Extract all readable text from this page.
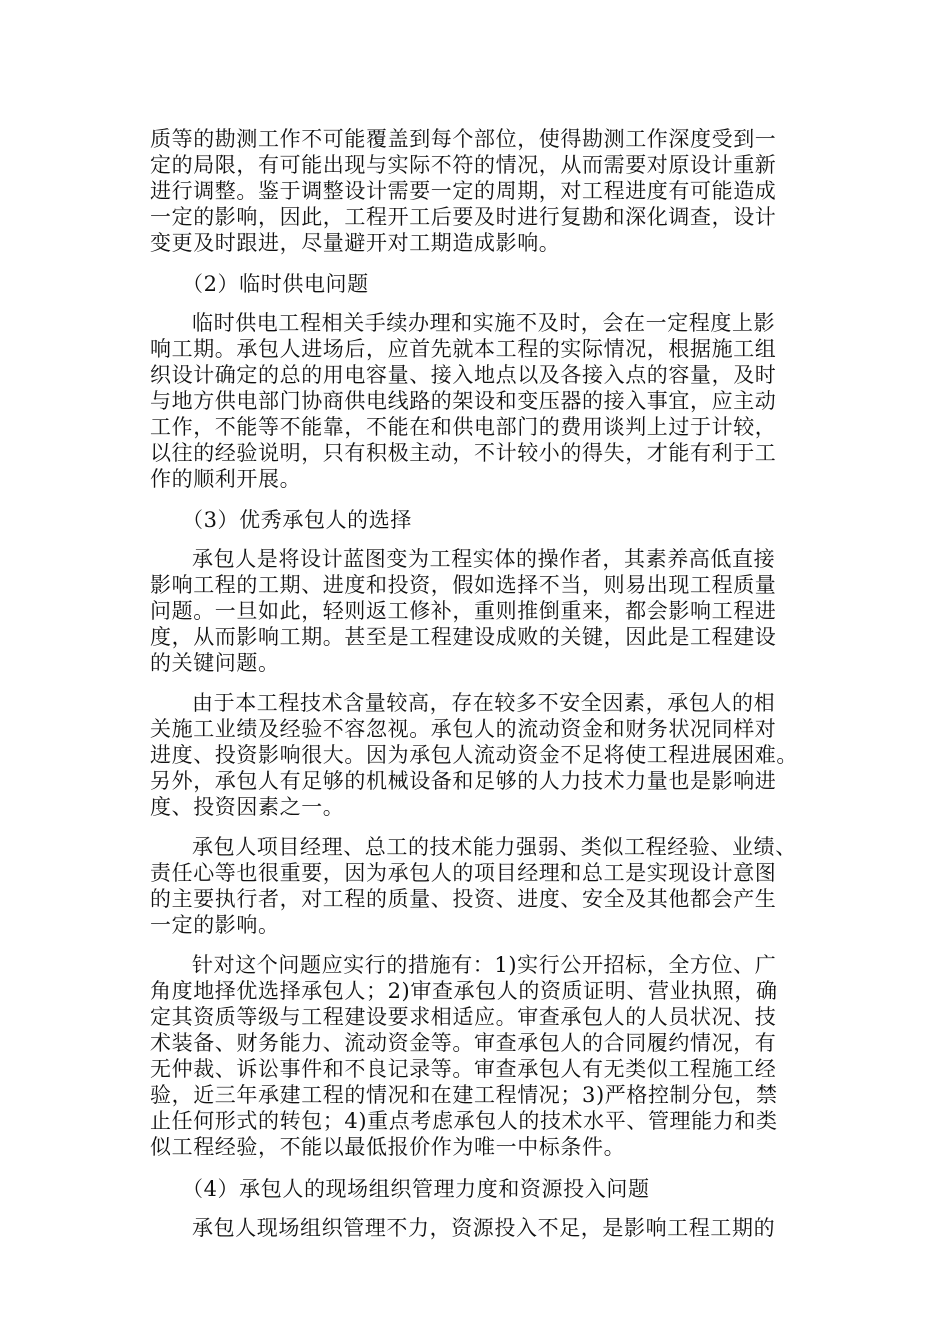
质等的勘测工作不可能覆盖到每个部位，使得勘测工作深度受到一
定的局限，有可能出现与实际不符的情况，从而需要对原设计重新
进行调整。鉴于调整设计需要一定的周期，对工程进度有可能造成
一定的影响，因此，工程开工后要及时进行复勘和深化调查，设计
变更及时跟进，尽量避开对工期造成影响。
（2）临时供电问题
临时供电工程相关手续办理和实施不及时，会在一定程度上影
响工期。承包人进场后，应首先就本工程的实际情况，根据施工组
织设计确定的总的用电容量、接入地点以及各接入点的容量，及时
与地方供电部门协商供电线路的架设和变压器的接入事宜，应主动
工作，不能等不能靠，不能在和供电部门的费用谈判上过于计较，
以往的经验说明，只有积极主动，不计较小的得失，才能有利于工
作的顺利开展。
（3）优秀承包人的选择
承包人是将设计蓝图变为工程实体的操作者，其素养高低直接
影响工程的工期、进度和投资，假如选择不当，则易出现工程质量
问题。一旦如此，轻则返工修补，重则推倒重来，都会影响工程进
度，从而影响工期。甚至是工程建设成败的关键，因此是工程建设
的关键问题。
由于本工程技术含量较高，存在较多不安全因素，承包人的相
关施工业绩及经验不容忽视。承包人的流动资金和财务状况同样对
进度、投资影响很大。因为承包人流动资金不足将使工程进展困难。
另外，承包人有足够的机械设备和足够的人力技术力量也是影响进
度、投资因素之一。
承包人项目经理、总工的技术能力强弱、类似工程经验、业绩、
责任心等也很重要，因为承包人的项目经理和总工是实现设计意图
的主要执行者，对工程的质量、投资、进度、安全及其他都会产生
一定的影响。
针对这个问题应实行的措施有：1)实行公开招标，全方位、广
角度地择优选择承包人；2)审查承包人的资质证明、营业执照，确
定其资质等级与工程建设要求相适应。审查承包人的人员状况、技
术装备、财务能力、流动资金等。审查承包人的合同履约情况，有
无仲裁、诉讼事件和不良记录等。审查承包人有无类似工程施工经
验，近三年承建工程的情况和在建工程情况；3)严格控制分包，禁
止任何形式的转包；4)重点考虑承包人的技术水平、管理能力和类
似工程经验，不能以最低报价作为唯一中标条件。
（4）承包人的现场组织管理力度和资源投入问题
承包人现场组织管理不力，资源投入不足，是影响工程工期的
